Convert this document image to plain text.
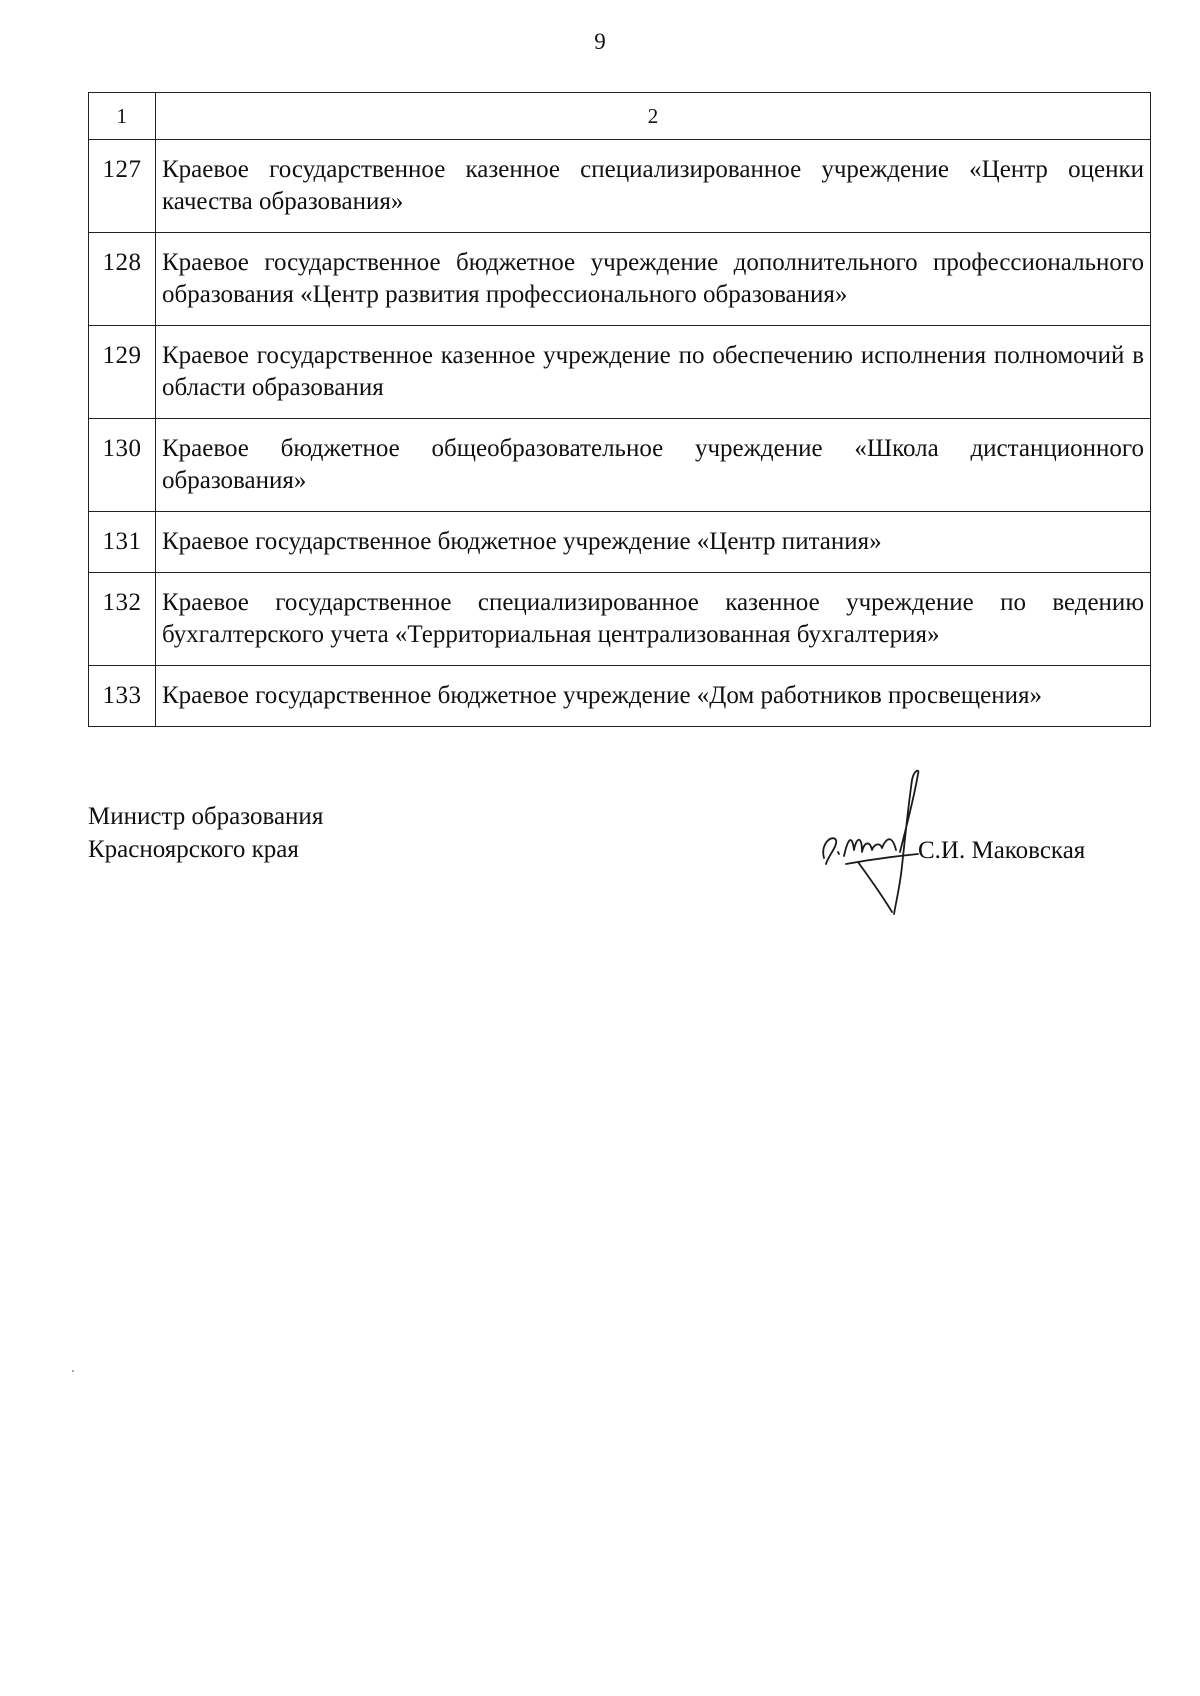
9
1	2
127	Краевое государственное казенное специализированное учреждение «Центр оценки качества образования»
128	Краевое государственное бюджетное учреждение дополнительного профессионального образования «Центр развития профессионального образования»
129	Краевое государственное казенное учреждение по обеспечению исполнения полномочий в области образования
130	Краевое бюджетное общеобразовательное учреждение «Школа дистанционного образования»
131	Краевое государственное бюджетное учреждение «Центр питания»
132	Краевое государственное специализированное казенное учреждение по ведению бухгалтерского учета «Территориальная централизованная бухгалтерия»
133	Краевое государственное бюджетное учреждение «Дом работников просвещения»
Министр образования
Красноярского края	С.И. Маковская
